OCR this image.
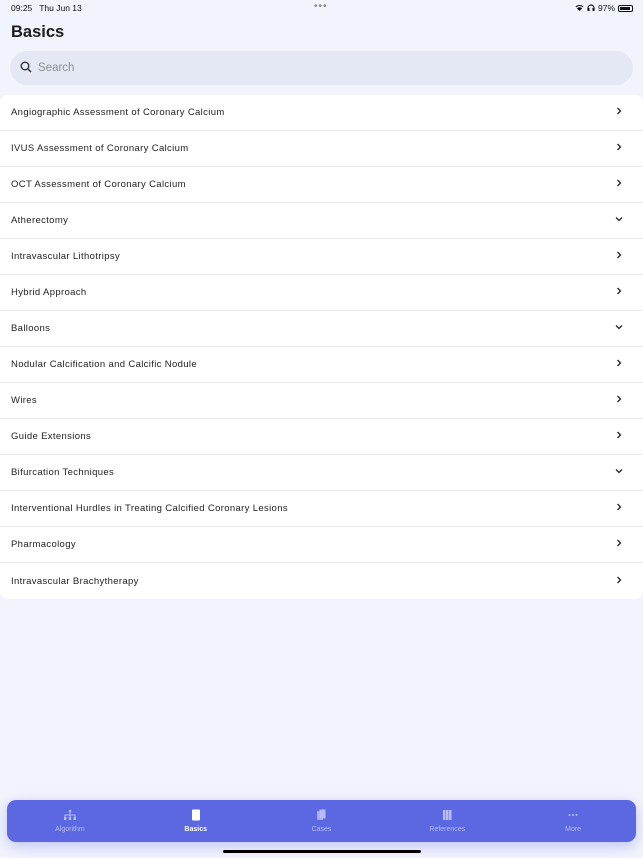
09:25 Thu Jun 13	•••	97%
Basics
Search
Angiographic Assessment of Coronary Calcium
IVUS Assessment of Coronary Calcium
OCT Assessment of Coronary Calcium
Atherectomy
Intravascular Lithotripsy
Hybrid Approach
Balloons
Nodular Calcification and Calcific Nodule
Wires
Guide Extensions
Bifurcation Techniques
Interventional Hurdles in Treating Calcified Coronary Lesions
Pharmacology
Intravascular Brachytherapy
Algorithm	Basics	Cases	References	More
